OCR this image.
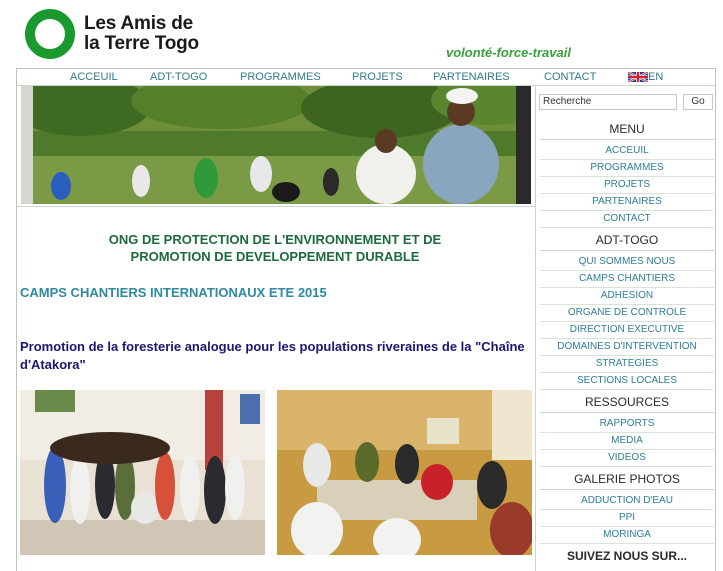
Les Amis de
la Terre Togo	volonté-force-travail
ACCEUIL	ADT-TOGO	PROGRAMMES	PROJETS	PARTENAIRES	CONTACT	EN
ONG DE PROTECTION DE L'ENVIRONNEMENT ET DE
PROMOTION DE DEVELOPPEMENT DURABLE
CAMPS CHANTIERS INTERNATIONAUX ETE 2015
Promotion de la foresterie analogue pour les populations riveraines de la "Chaîne d'Atakora"
Recherche	Go
MENU
ACCEUIL
PROGRAMMES
PROJETS
PARTENAIRES
CONTACT
ADT-TOGO
QUI SOMMES NOUS
CAMPS CHANTIERS
ADHESION
ORGANE DE CONTROLE
DIRECTION EXECUTIVE
DOMAINES D'INTERVENTION
STRATEGIES
SECTIONS LOCALES
RESSOURCES
RAPPORTS
MEDIA
VIDEOS
GALERIE PHOTOS
ADDUCTION D'EAU
PPI
MORINGA
SUIVEZ NOUS SUR...
